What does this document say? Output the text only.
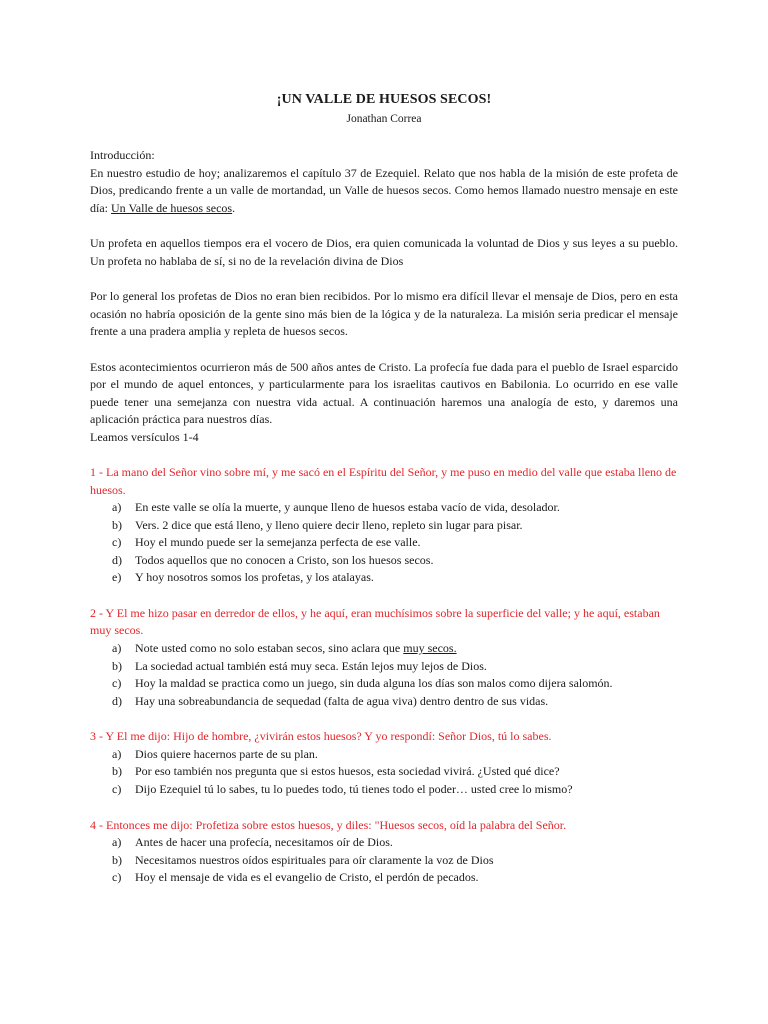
¡UN VALLE DE HUESOS SECOS!
Jonathan Correa

Introducción:

En nuestro estudio de hoy; analizaremos el capítulo 37 de Ezequiel. Relato que nos habla de la misión de este profeta de Dios, predicando frente a un valle de mortandad, un Valle de huesos secos. Como hemos llamado nuestro mensaje en este día: Un Valle de huesos secos.

Un profeta en aquellos tiempos era el vocero de Dios, era quien comunicada la voluntad de Dios y sus leyes a su pueblo. Un profeta no hablaba de sí, si no de la revelación divina de Dios

Por lo general los profetas de Dios no eran bien recibidos. Por lo mismo era difícil llevar el mensaje de Dios, pero en esta ocasión no habría oposición de la gente sino más bien de la lógica y de la naturaleza. La misión seria predicar el mensaje frente a una pradera amplia y repleta de huesos secos.

Estos acontecimientos ocurrieron más de 500 años antes de Cristo. La profecía fue dada para el pueblo de Israel esparcido por el mundo de aquel entonces, y particularmente para los israelitas cautivos en Babilonia. Lo ocurrido en ese valle puede tener una semejanza con nuestra vida actual. A continuación haremos una analogía de esto, y daremos una aplicación práctica para nuestros días.

Leamos versículos 1-4

1 - La mano del Señor vino sobre mí, y me sacó en el Espíritu del Señor, y me puso en medio del valle que estaba lleno de huesos.

a) En este valle se olía la muerte, y aunque lleno de huesos estaba vacío de vida, desolador.
b) Vers. 2 dice que está lleno, y lleno quiere decir lleno, repleto sin lugar para pisar.
c) Hoy el mundo puede ser la semejanza perfecta de ese valle.
d) Todos aquellos que no conocen a Cristo, son los huesos secos.
e) Y hoy nosotros somos los profetas, y los atalayas.

2 - Y El me hizo pasar en derredor de ellos, y he aquí, eran muchísimos sobre la superficie del valle; y he aquí, estaban muy secos.

a) Note usted como no solo estaban secos, sino aclara que muy secos.
b) La sociedad actual también está muy seca. Están lejos muy lejos de Dios.
c) Hoy la maldad se practica como un juego, sin duda alguna los días son malos como dijera salomón.
d) Hay una sobreabundancia de sequedad (falta de agua viva) dentro dentro de sus vidas.

3 - Y El me dijo: Hijo de hombre, ¿vivirán estos huesos? Y yo respondí: Señor Dios, tú lo sabes.

a) Dios quiere hacernos parte de su plan.
b) Por eso también nos pregunta que si estos huesos, esta sociedad vivirá. ¿Usted qué dice?
c) Dijo Ezequiel tú lo sabes, tu lo puedes todo, tú tienes todo el poder… usted cree lo mismo?

4 - Entonces me dijo: Profetiza sobre estos huesos, y diles: "Huesos secos, oíd la palabra del Señor.

a) Antes de hacer una profecía, necesitamos oír de Dios.
b) Necesitamos nuestros oídos espirituales para oír claramente la voz de Dios
c) Hoy el mensaje de vida es el evangelio de Cristo, el perdón de pecados.
